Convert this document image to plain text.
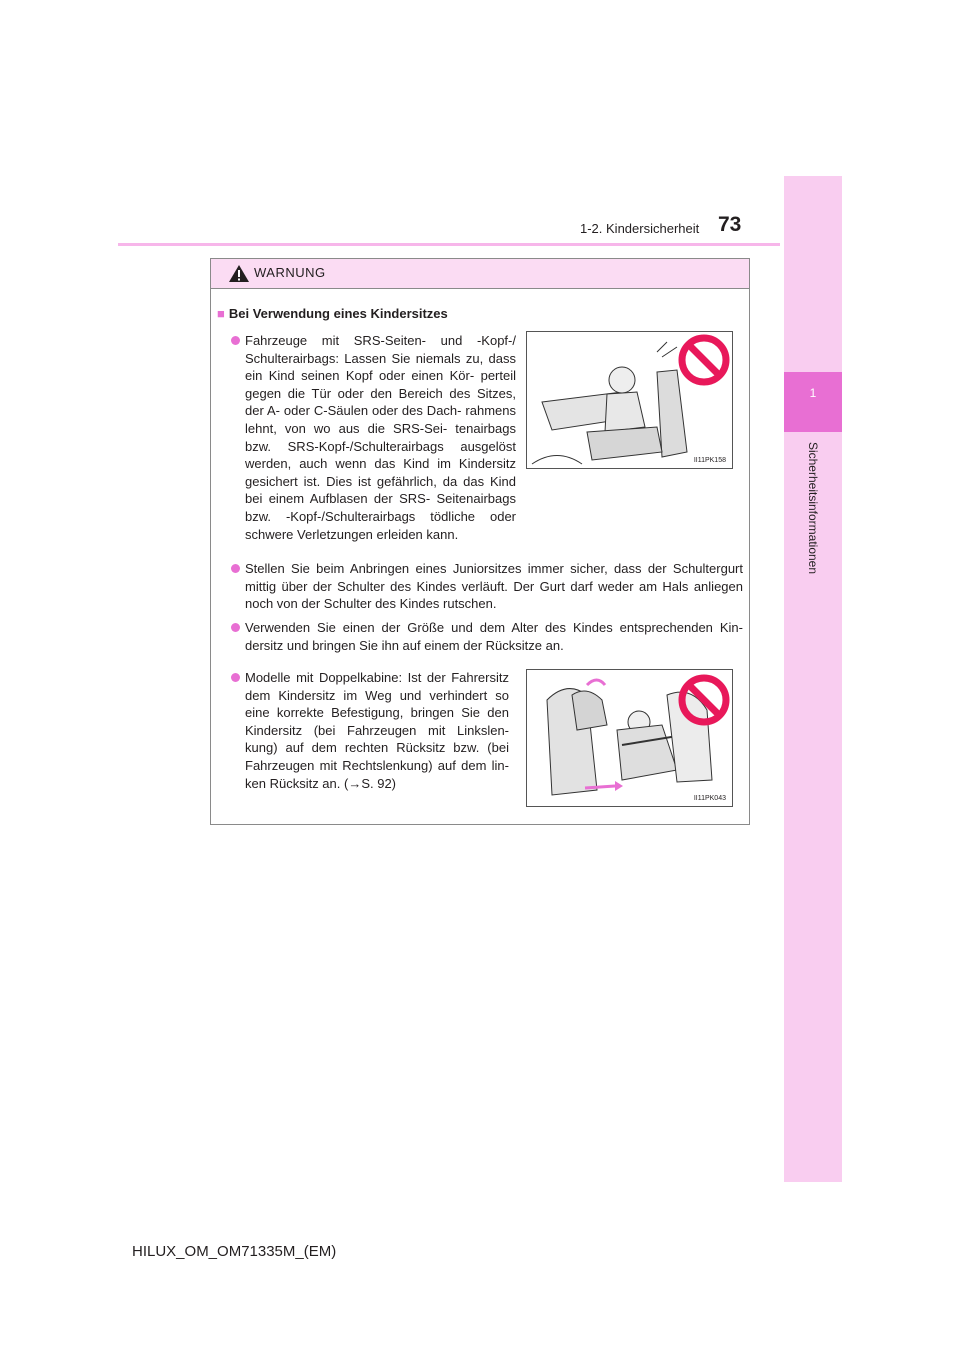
1
Sicherheitsinformationen
1-2. Kindersicherheit 73
WARNUNG
■ Bei Verwendung eines Kindersitzes
Fahrzeuge mit SRS-Seiten- und -Kopf-/ Schulterairbags: Lassen Sie niemals zu, dass ein Kind seinen Kopf oder einen Kör- perteil gegen die Tür oder den Bereich des Sitzes, der A- oder C-Säulen oder des Dach- rahmens lehnt, von wo aus die SRS-Sei- tenairbags bzw. SRS-Kopf-/Schulterairbags ausgelöst werden, auch wenn das Kind im Kindersitz gesichert ist. Dies ist gefährlich, da das Kind bei einem Aufblasen der SRS- Seitenairbags bzw. -Kopf-/Schulterairbags tödliche oder schwere Verletzungen erleiden kann.
II11PK158
Stellen Sie beim Anbringen eines Juniorsitzes immer sicher, dass der Schultergurt mittig über der Schulter des Kindes verläuft. Der Gurt darf weder am Hals anliegen noch von der Schulter des Kindes rutschen.
Verwenden Sie einen der Größe und dem Alter des Kindes entsprechenden Kin- dersitz und bringen Sie ihn auf einem der Rücksitze an.
Modelle mit Doppelkabine: Ist der Fahrersitz dem Kindersitz im Weg und verhindert so eine korrekte Befestigung, bringen Sie den Kindersitz (bei Fahrzeugen mit Linkslen- kung) auf dem rechten Rücksitz bzw. (bei Fahrzeugen mit Rechtslenkung) auf dem lin- ken Rücksitz an. (→S. 92)
II11PK043
HILUX_OM_OM71335M_(EM)
